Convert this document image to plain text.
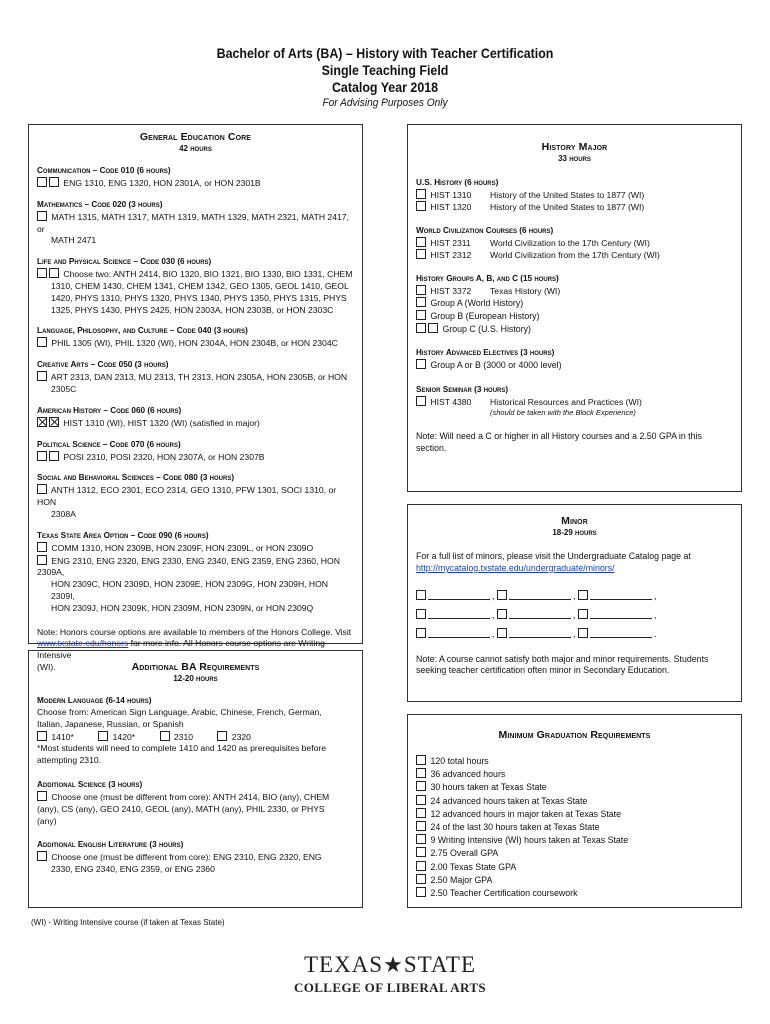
Bachelor of Arts (BA) – History with Teacher Certification
Single Teaching Field
Catalog Year 2018
For Advising Purposes Only
General Education Core
42 hours
Communication – Code 010 (6 hours)
ENG 1310, ENG 1320, HON 2301A, or HON 2301B
Mathematics – Code 020 (3 hours)
MATH 1315, MATH 1317, MATH 1319, MATH 1329, MATH 2321, MATH 2417, or
MATH 2471
Life and Physical Science – Code 030 (6 hours)
Choose two: ANTH 2414, BIO 1320, BIO 1321, BIO 1330, BIO 1331, CHEM
1310, CHEM 1430, CHEM 1341, CHEM 1342, GEO 1305, GEOL 1410, GEOL
1420, PHYS 1310, PHYS 1320, PHYS 1340, PHYS 1350, PHYS 1315, PHYS
1325, PHYS 1430, PHYS 2425, HON 2303A, HON 2303B, or HON 2303C
Language, Philosophy, and Culture – Code 040 (3 hours)
PHIL 1305 (WI), PHIL 1320 (WI), HON 2304A, HON 2304B, or HON 2304C
Creative Arts – Code 050 (3 hours)
ART 2313, DAN 2313, MU 2313, TH 2313, HON 2305A, HON 2305B, or HON
2305C
American History – Code 060 (6 hours)
HIST 1310 (WI), HIST 1320 (WI) (satisfied in major)
Political Science – Code 070 (6 hours)
POSI 2310, POSI 2320, HON 2307A, or HON 2307B
Social and Behavioral Sciences – Code 080 (3 hours)
ANTH 1312, ECO 2301, ECO 2314, GEO 1310, PFW 1301, SOCI 1310, or HON
2308A
Texas State Area Option – Code 090 (6 hours)
COMM 1310, HON 2309B, HON 2309F, HON 2309L, or HON 2309O
ENG 2310, ENG 2320, ENG 2330, ENG 2340, ENG 2359, ENG 2360, HON 2309A,
HON 2309C, HON 2309D, HON 2309E, HON 2309G, HON 2309H, HON 2309I,
HON 2309J, HON 2309K, HON 2309M, HON 2309N, or HON 2309Q
Note: Honors course options are available to members of the Honors College. Visit
www.txstate.edu/honors for more info. All Honors course options are Writing Intensive
(WI).	Additional BA Requirements
12-20 hours
Modern Language (6-14 hours)
Choose from: American Sign Language, Arabic, Chinese, French, German,
Italian, Japanese, Russian, or Spanish
1410*	1420*	2310	2320
*Most students will need to complete 1410 and 1420 as prerequisites before
attempting 2310.
Additional Science (3 hours)
Choose one (must be different from core): ANTH 2414, BIO (any), CHEM
(any), CS (any), GEO 2410, GEOL (any), MATH (any), PHIL 2330, or PHYS
(any)
Additional English Literature (3 hours)
Choose one (must be different from core): ENG 2310, ENG 2320, ENG
2330, ENG 2340, ENG 2359, or ENG 2360
History Major
33 hours
U.S. History (6 hours)
HIST 1310	History of the United States to 1877 (WI)
HIST 1320	History of the United States to 1877 (WI)
World Civilization Courses (6 hours)
HIST 2311	World Civilization to the 17th Century (WI)
HIST 2312	World Civilization from the 17th Century (WI)
History Groups A, B, and C (15 hours)
HIST 3372	Texas History (WI)
Group A (World History)
Group B (European History)
Group C (U.S. History)
History Advanced Electives (3 hours)
Group A or B (3000 or 4000 level)
Senior Seminar (3 hours)
HIST 4380	Historical Resources and Practices (WI)
(should be taken with the Block Experience)
Note: Will need a C or higher in all History courses and a 2.50 GPA in this
section.
Minor
18-29 hours
For a full list of minors, please visit the Undergraduate Catalog page at
http://mycatalog.txstate.edu/undergraduate/minors/
,	,	,
,	,	,
,	,	.
Note: A course cannot satisfy both major and minor requirements. Students
seeking teacher certification often minor in Secondary Education.
Minimum Graduation Requirements
120 total hours
36 advanced hours
30 hours taken at Texas State
24 advanced hours taken at Texas State
12 advanced hours in major taken at Texas State
24 of the last 30 hours taken at Texas State
9 Writing Intensive (WI) hours taken at Texas State
2.75 Overall GPA
2.00 Texas State GPA
2.50 Major GPA
2.50 Teacher Certification coursework
(WI) - Writing Intensive course (if taken at Texas State)
TEXAS★STATE
COLLEGE OF LIBERAL ARTS
